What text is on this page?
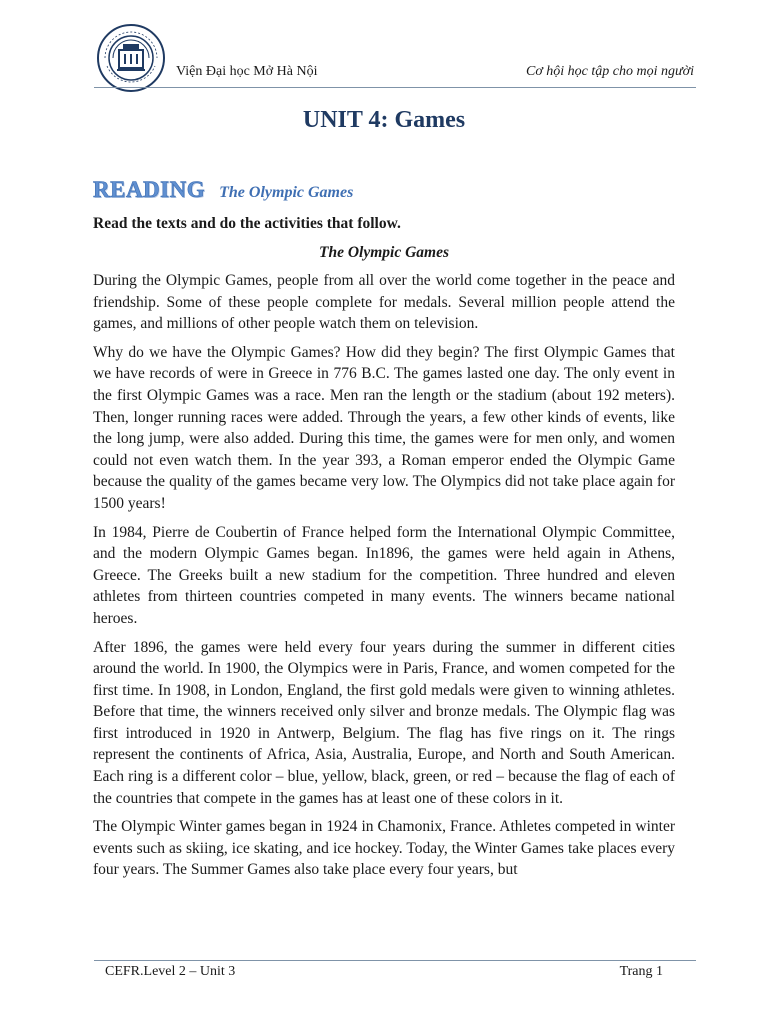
Viện Đại học Mở Hà Nội	Cơ hội học tập cho mọi người
UNIT 4: Games
READING The Olympic Games
Read the texts and do the activities that follow.
The Olympic Games

During the Olympic Games, people from all over the world come together in the peace and friendship. Some of these people complete for medals. Several million people attend the games, and millions of other people watch them on television.

Why do we have the Olympic Games? How did they begin? The first Olympic Games that we have records of were in Greece in 776 B.C. The games lasted one day. The only event in the first Olympic Games was a race. Men ran the length or the stadium (about 192 meters). Then, longer running races were added. Through the years, a few other kinds of events, like the long jump, were also added. During this time, the games were for men only, and women could not even watch them. In the year 393, a Roman emperor ended the Olympic Game because the quality of the games became very low. The Olympics did not take place again for 1500 years!

In 1984, Pierre de Coubertin of France helped form the International Olympic Committee, and the modern Olympic Games began. In1896, the games were held again in Athens, Greece. The Greeks built a new stadium for the competition. Three hundred and eleven athletes from thirteen countries competed in many events. The winners became national heroes.

After 1896, the games were held every four years during the summer in different cities around the world. In 1900, the Olympics were in Paris, France, and women competed for the first time. In 1908, in London, England, the first gold medals were given to winning athletes. Before that time, the winners received only silver and bronze medals. The Olympic flag was first introduced in 1920 in Antwerp, Belgium. The flag has five rings on it. The rings represent the continents of Africa, Asia, Australia, Europe, and North and South American. Each ring is a different color – blue, yellow, black, green, or red – because the flag of each of the countries that compete in the games has at least one of these colors in it.

The Olympic Winter games began in 1924 in Chamonix, France. Athletes competed in winter events such as skiing, ice skating, and ice hockey. Today, the Winter Games take places every four years. The Summer Games also take place every four years, but

CEFR.Level 2 – Unit 3	Trang 1
